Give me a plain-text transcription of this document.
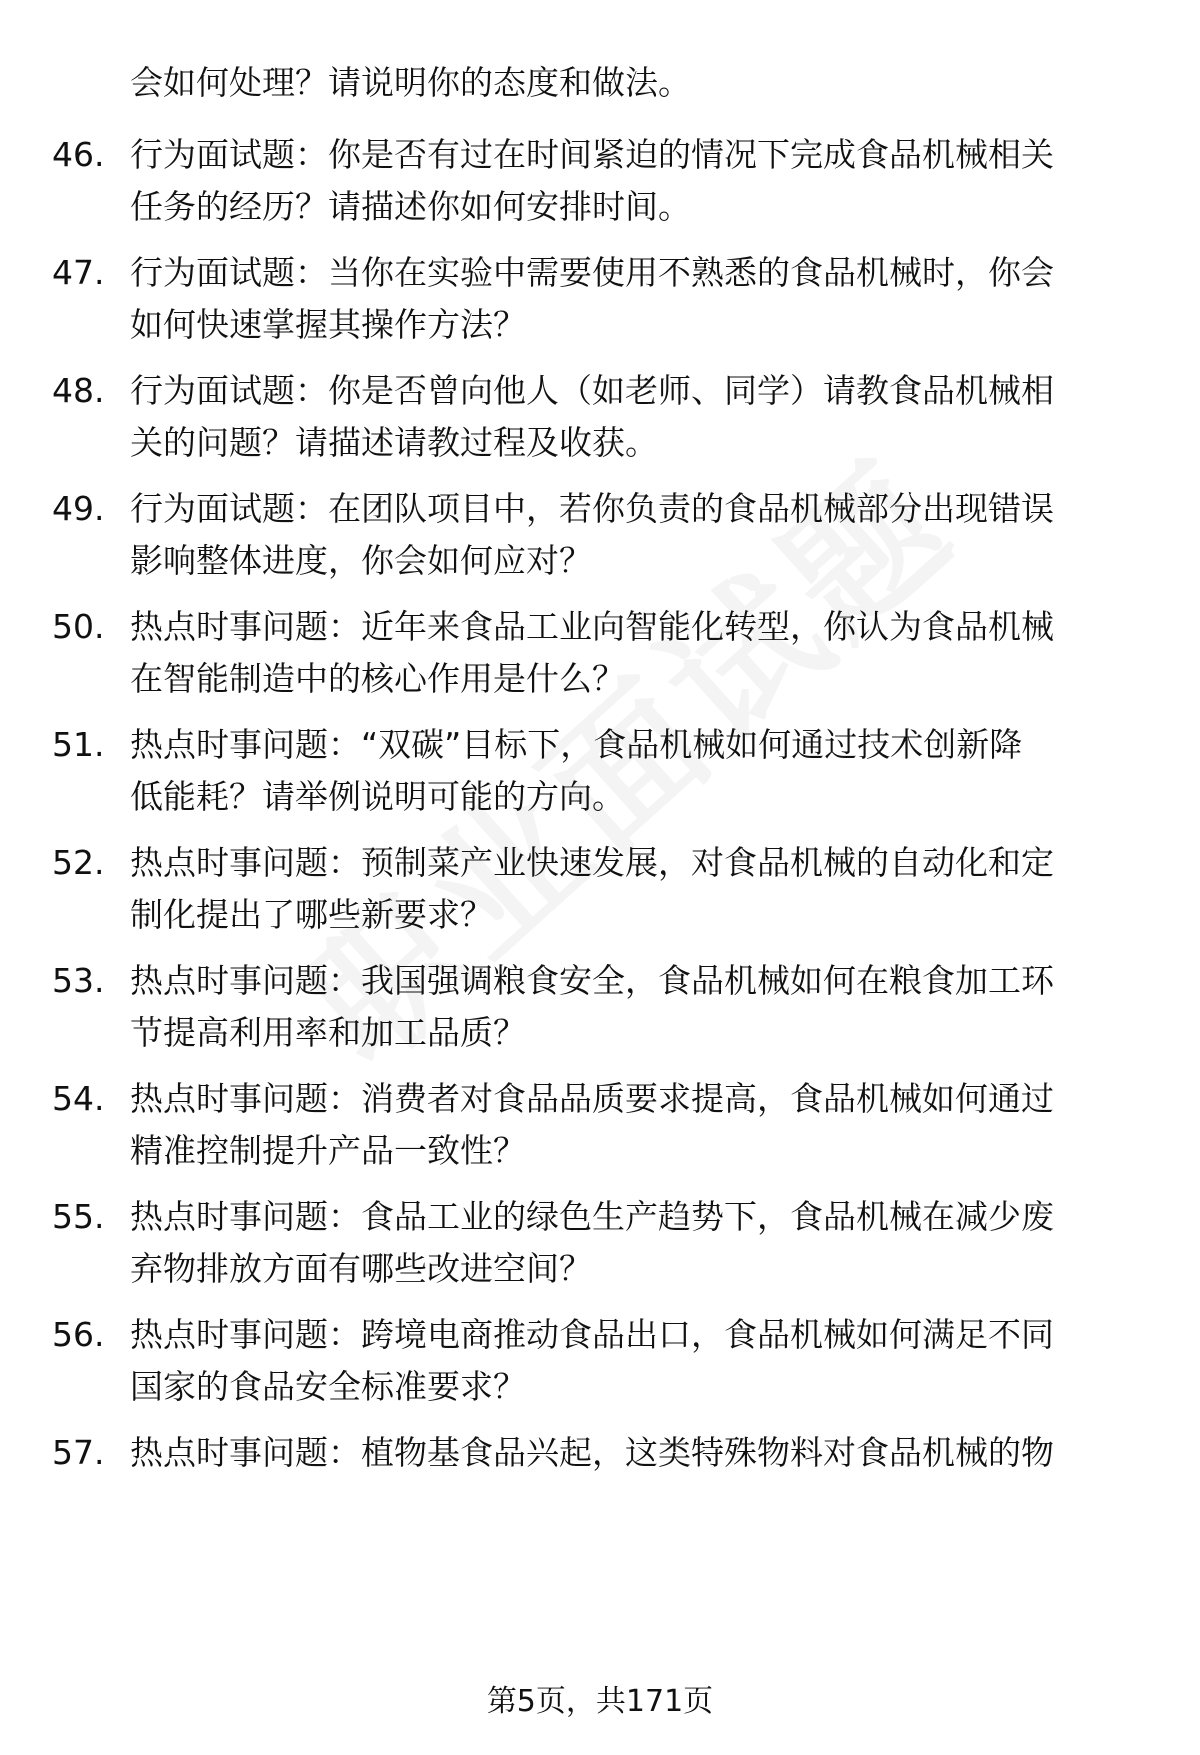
会如何处理？请说明你的态度和做法。
46. 行为面试题：你是否有过在时间紧迫的情况下完成食品机械相关
任务的经历？请描述你如何安排时间。
47. 行为面试题：当你在实验中需要使用不熟悉的食品机械时，你会
如何快速掌握其操作方法？
48. 行为面试题：你是否曾向他人（如老师、同学）请教食品机械相
关的问题？请描述请教过程及收获。
49. 行为面试题：在团队项目中，若你负责的食品机械部分出现错误
影响整体进度，你会如何应对？
50. 热点时事问题：近年来食品工业向智能化转型，你认为食品机械
在智能制造中的核心作用是什么？
51. 热点时事问题：“双碳”目标下，食品机械如何通过技术创新降
低能耗？请举例说明可能的方向。
52. 热点时事问题：预制菜产业快速发展，对食品机械的自动化和定
制化提出了哪些新要求？
53. 热点时事问题：我国强调粮食安全，食品机械如何在粮食加工环
节提高利用率和加工品质？
54. 热点时事问题：消费者对食品品质要求提高，食品机械如何通过
精准控制提升产品一致性？
55. 热点时事问题：食品工业的绿色生产趋势下，食品机械在减少废
弃物排放方面有哪些改进空间？
56. 热点时事问题：跨境电商推动食品出口，食品机械如何满足不同
国家的食品安全标准要求？
57. 热点时事问题：植物基食品兴起，这类特殊物料对食品机械的物
第5页，共171页
